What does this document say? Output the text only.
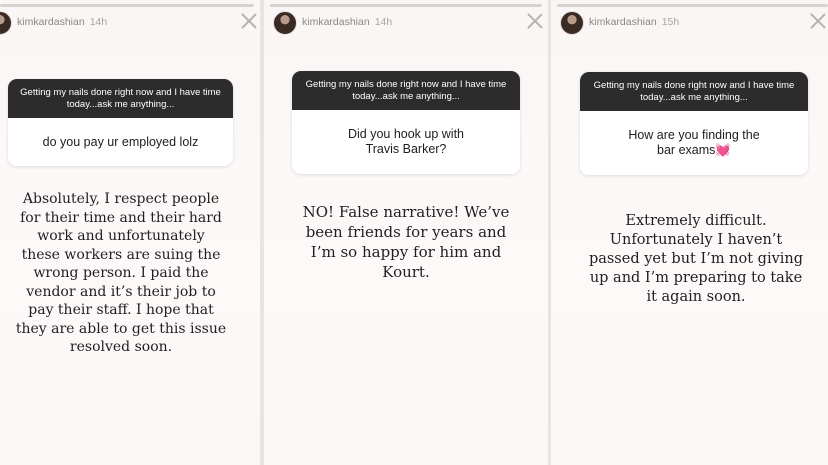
kimkardashian 14h
Getting my nails done right now and I have time today...ask me anything...
do you pay ur employed lolz
Absolutely, I respect people
for their time and their hard
work and unfortunately
these workers are suing the
wrong person. I paid the
vendor and it’s their job to
pay their staff. I hope that
they are able to get this issue
resolved soon.
kimkardashian 14h
Getting my nails done right now and I have time today...ask me anything...
Did you hook up with
Travis Barker?
NO! False narrative! We’ve
been friends for years and
I’m so happy for him and
Kourt.
kimkardashian 15h
Getting my nails done right now and I have time today...ask me anything...
How are you finding the
bar exams💓
Extremely difficult.
Unfortunately I haven’t
passed yet but I’m not giving
up and I’m preparing to take
it again soon.
